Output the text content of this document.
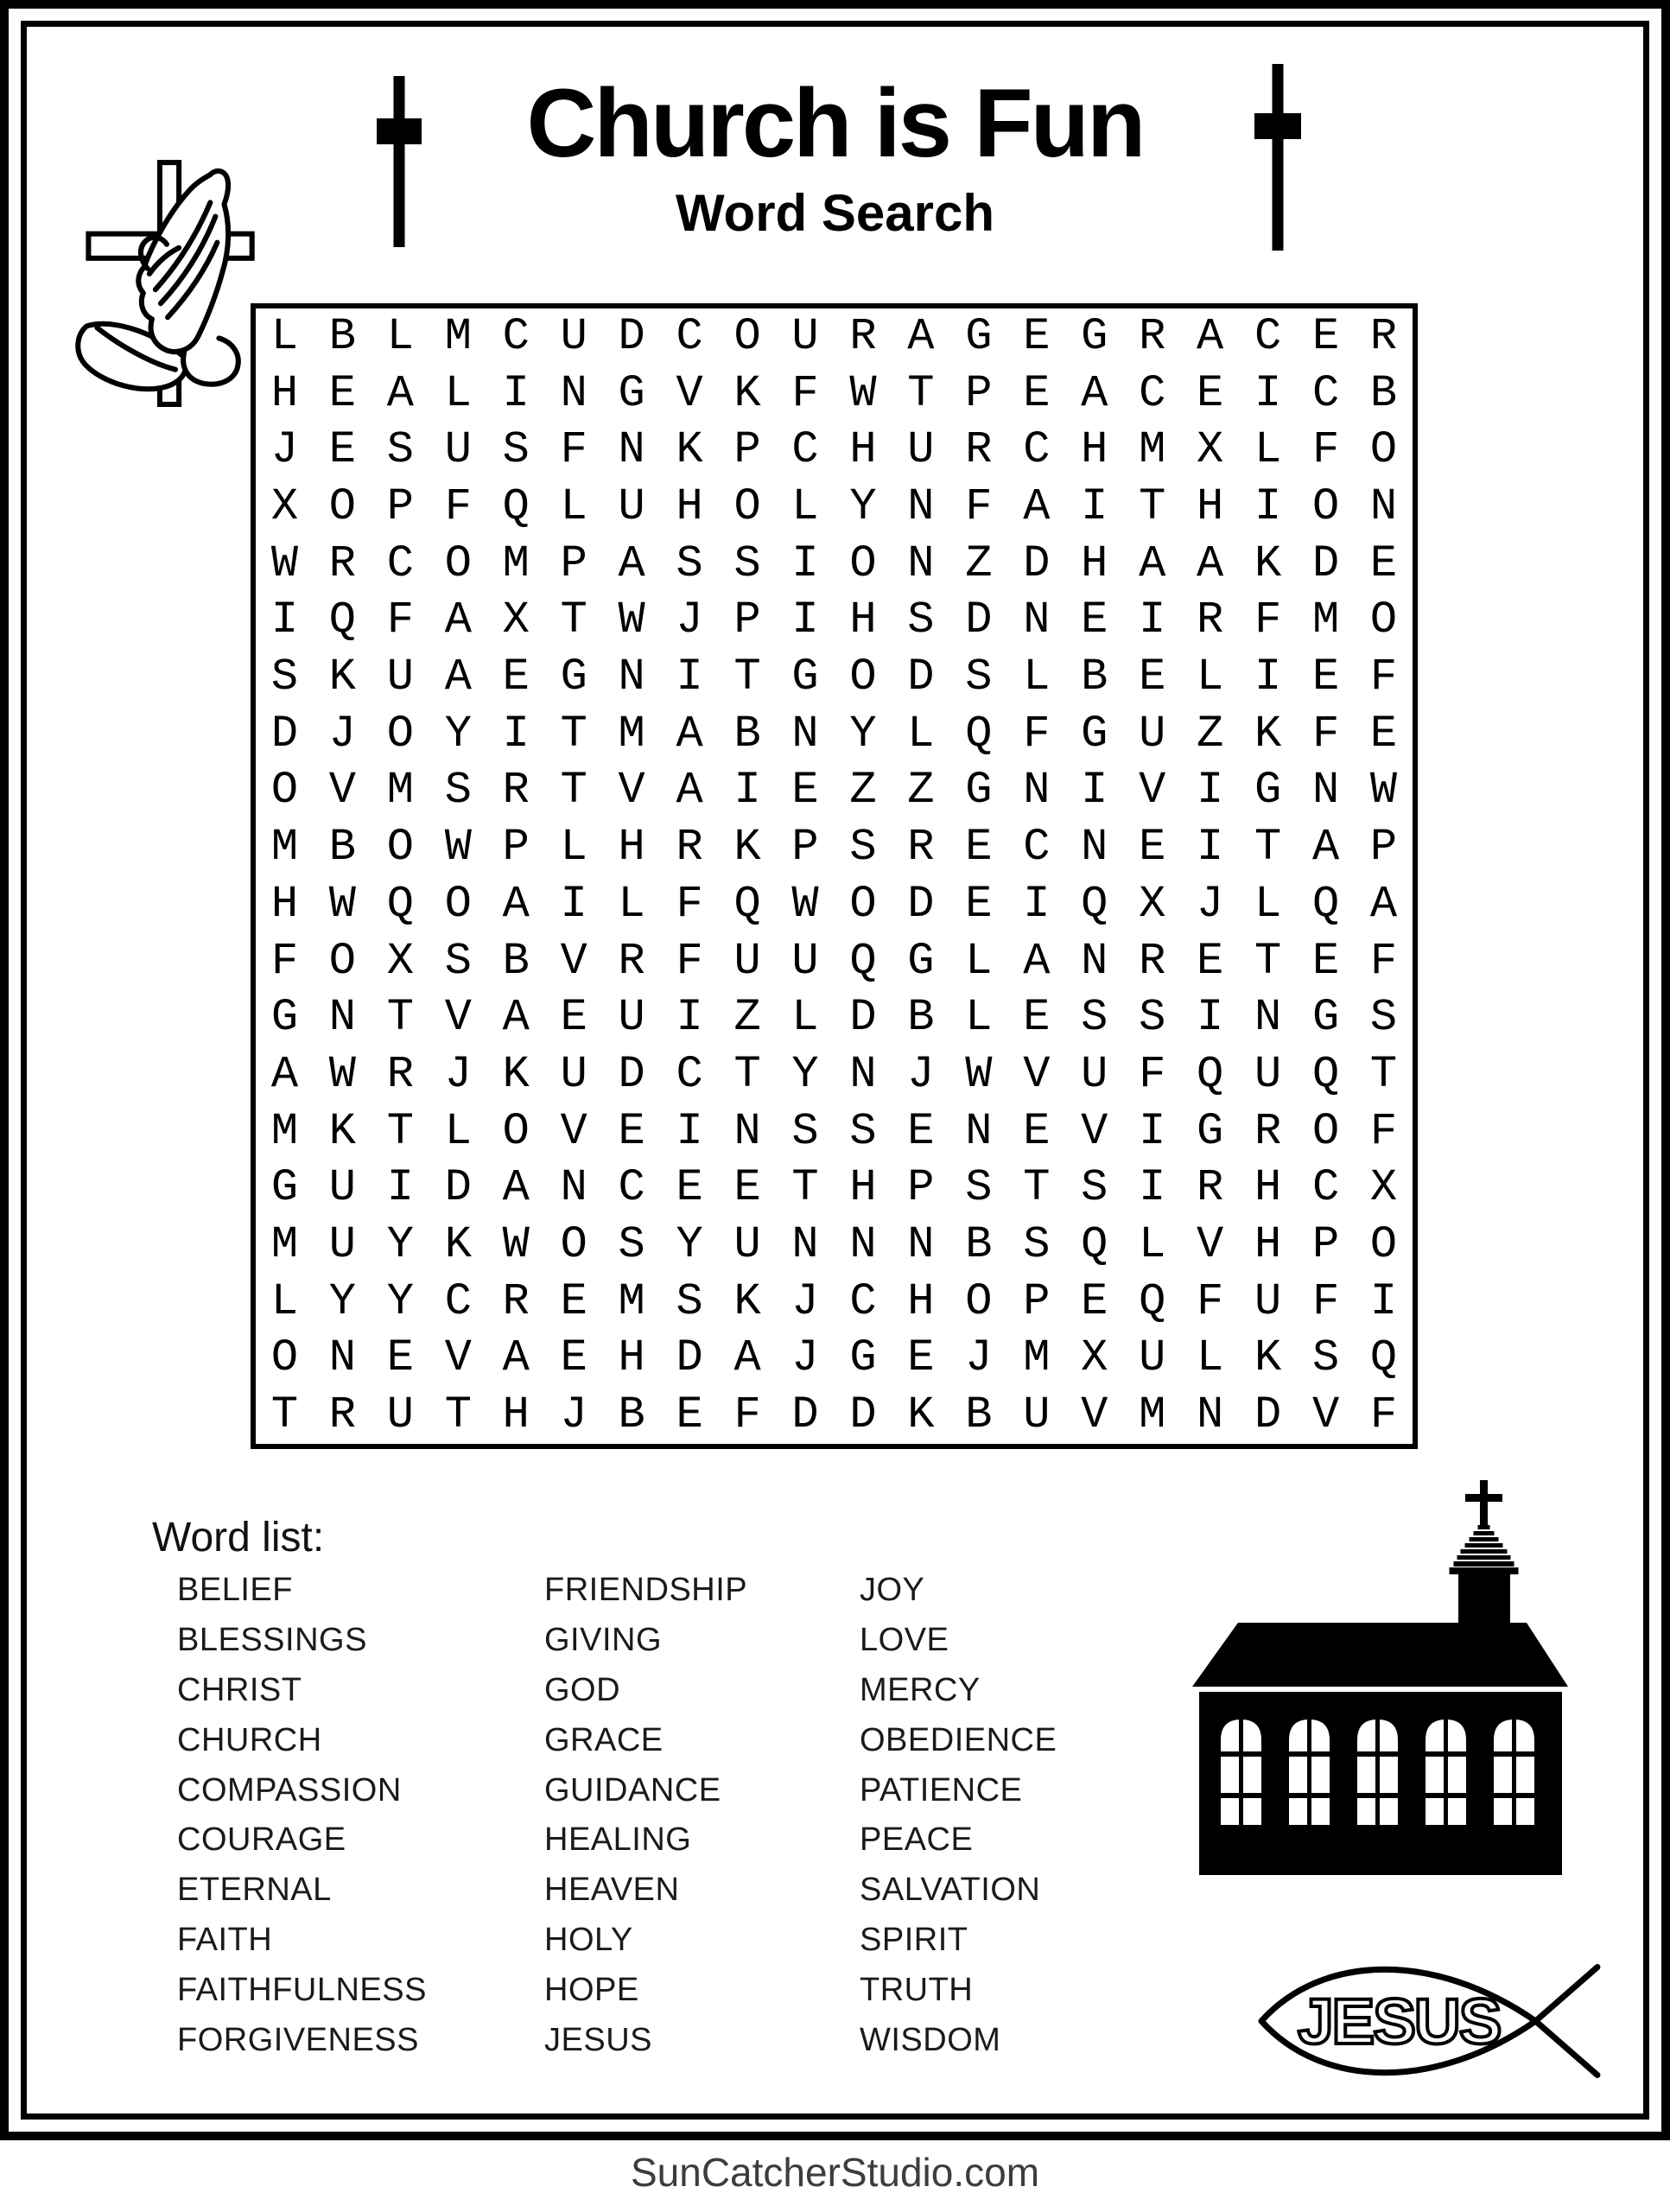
Church is Fun
Word Search
L B L M C U D C O U R A G E G R A C E R
H E A L I N G V K F W T P E A C E I C B
J E S U S F N K P C H U R C H M X L F O
X O P F Q L U H O L Y N F A I T H I O N
W R C O M P A S S I O N Z D H A A K D E
I Q F A X T W J P I H S D N E I R F M O
S K U A E G N I T G O D S L B E L I E F
D J O Y I T M A B N Y L Q F G U Z K F E
O V M S R T V A I E Z Z G N I V I G N W
M B O W P L H R K P S R E C N E I T A P
H W Q O A I L F Q W O D E I Q X J L Q A
F O X S B V R F U U Q G L A N R E T E F
G N T V A E U I Z L D B L E S S I N G S
A W R J K U D C T Y N J W V U F Q U Q T
M K T L O V E I N S S E N E V I G R O F
G U I D A N C E E T H P S T S I R H C X
M U Y K W O S Y U N N N B S Q L V H P O
L Y Y C R E M S K J C H O P E Q F U F I
O N E V A E H D A J G E J M X U L K S Q
T R U T H J B E F D D K B U V M N D V F
Word list:
BELIEF
BLESSINGS
CHRIST
CHURCH
COMPASSION
COURAGE
ETERNAL
FAITH
FAITHFULNESS
FORGIVENESS
FRIENDSHIP
GIVING
GOD
GRACE
GUIDANCE
HEALING
HEAVEN
HOLY
HOPE
JESUS
JOY
LOVE
MERCY
OBEDIENCE
PATIENCE
PEACE
SALVATION
SPIRIT
TRUTH
WISDOM	JESUS
SunCatcherStudio.com
